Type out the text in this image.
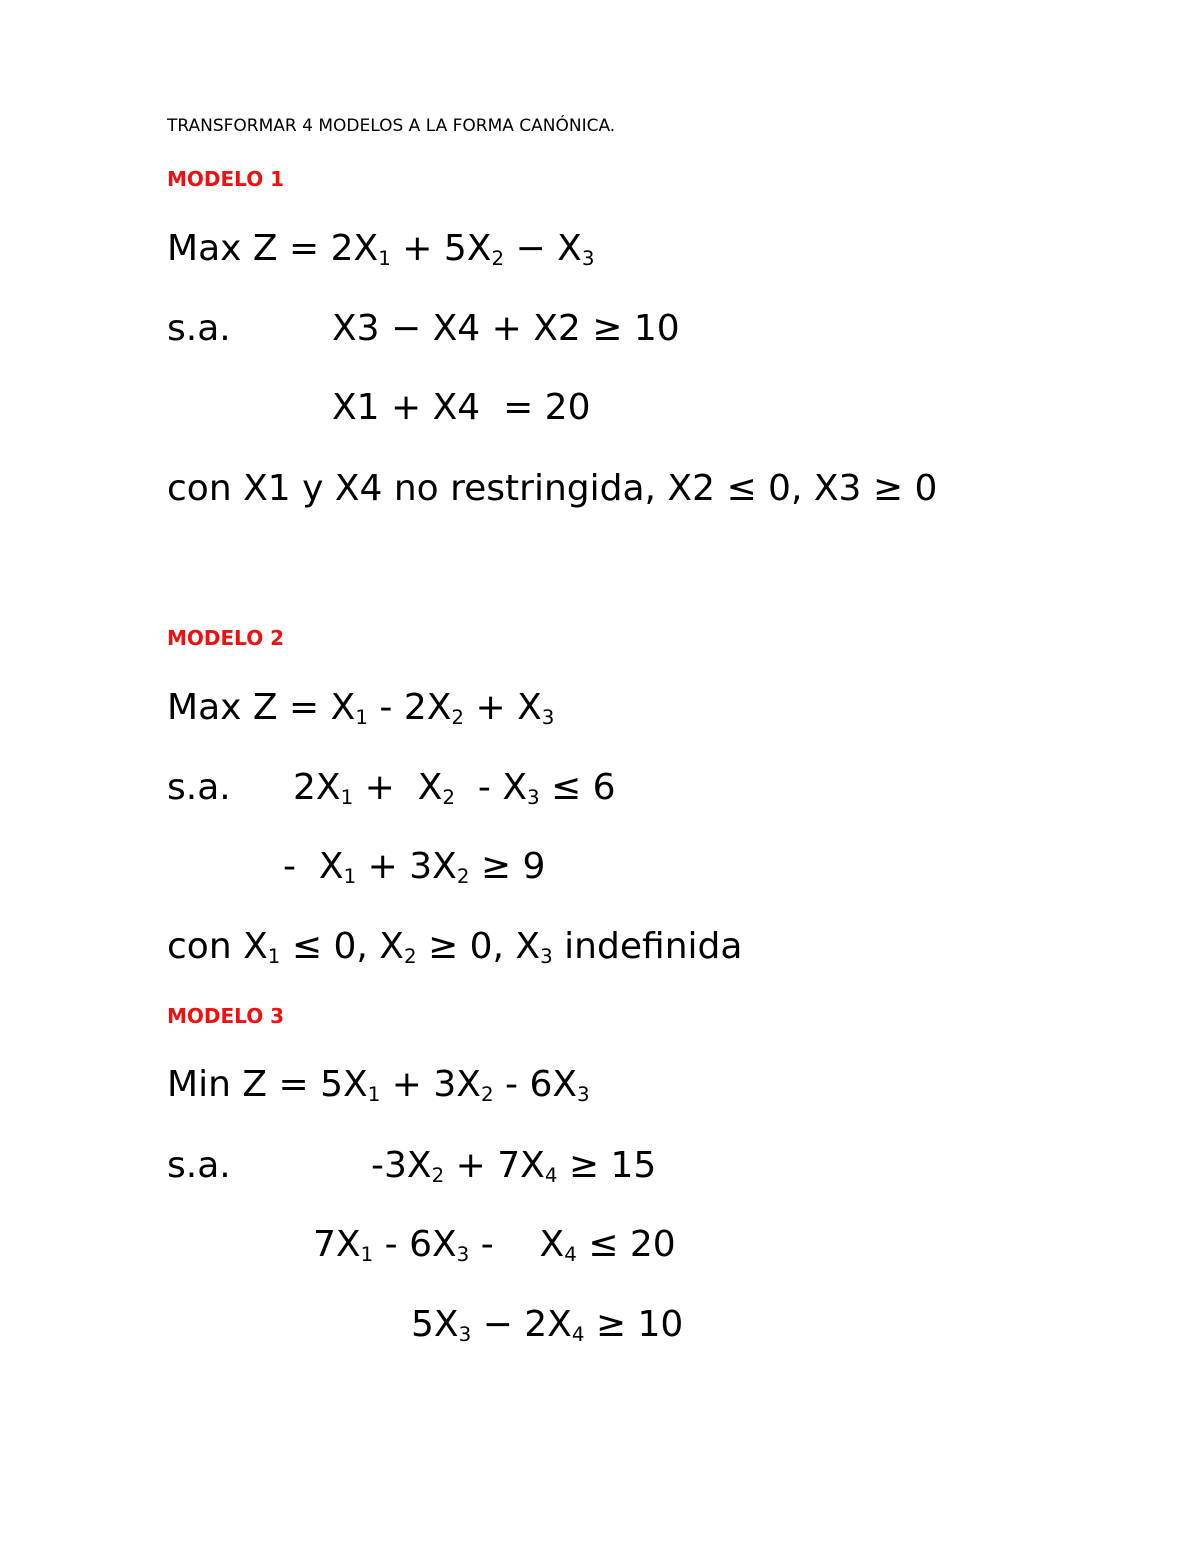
TRANSFORMAR 4 MODELOS A LA FORMA CANÓNICA.
MODELO 1
Max $Z = 2X_1 + 5X_2 - X_3$
s.a.	X3 − X4 + X2 ≥ 10
X1 + X4  = 20
con X1 y X4 no restringida, X2 ≤ 0, X3 ≥ 0
MODELO 2
Max $Z = X_1 - 2X_2 + X_3$
s.a. $2X_1 + X_2 - X_3 \le 6$
- $X_1 + 3X_2 \ge 9$
con $X_1 \le 0$, $X_2 \ge 0$, $X_3$ indefnida
MODELO 3
Min $Z = 5X_1 + 3X_2 - 6X_3$
s.a.	$-3X_2 + 7X_4 \ge 15$
$7X_1 - 6X_3 - X_4 \le 20$
$5X_3 - 2X_4 \ge 10$
